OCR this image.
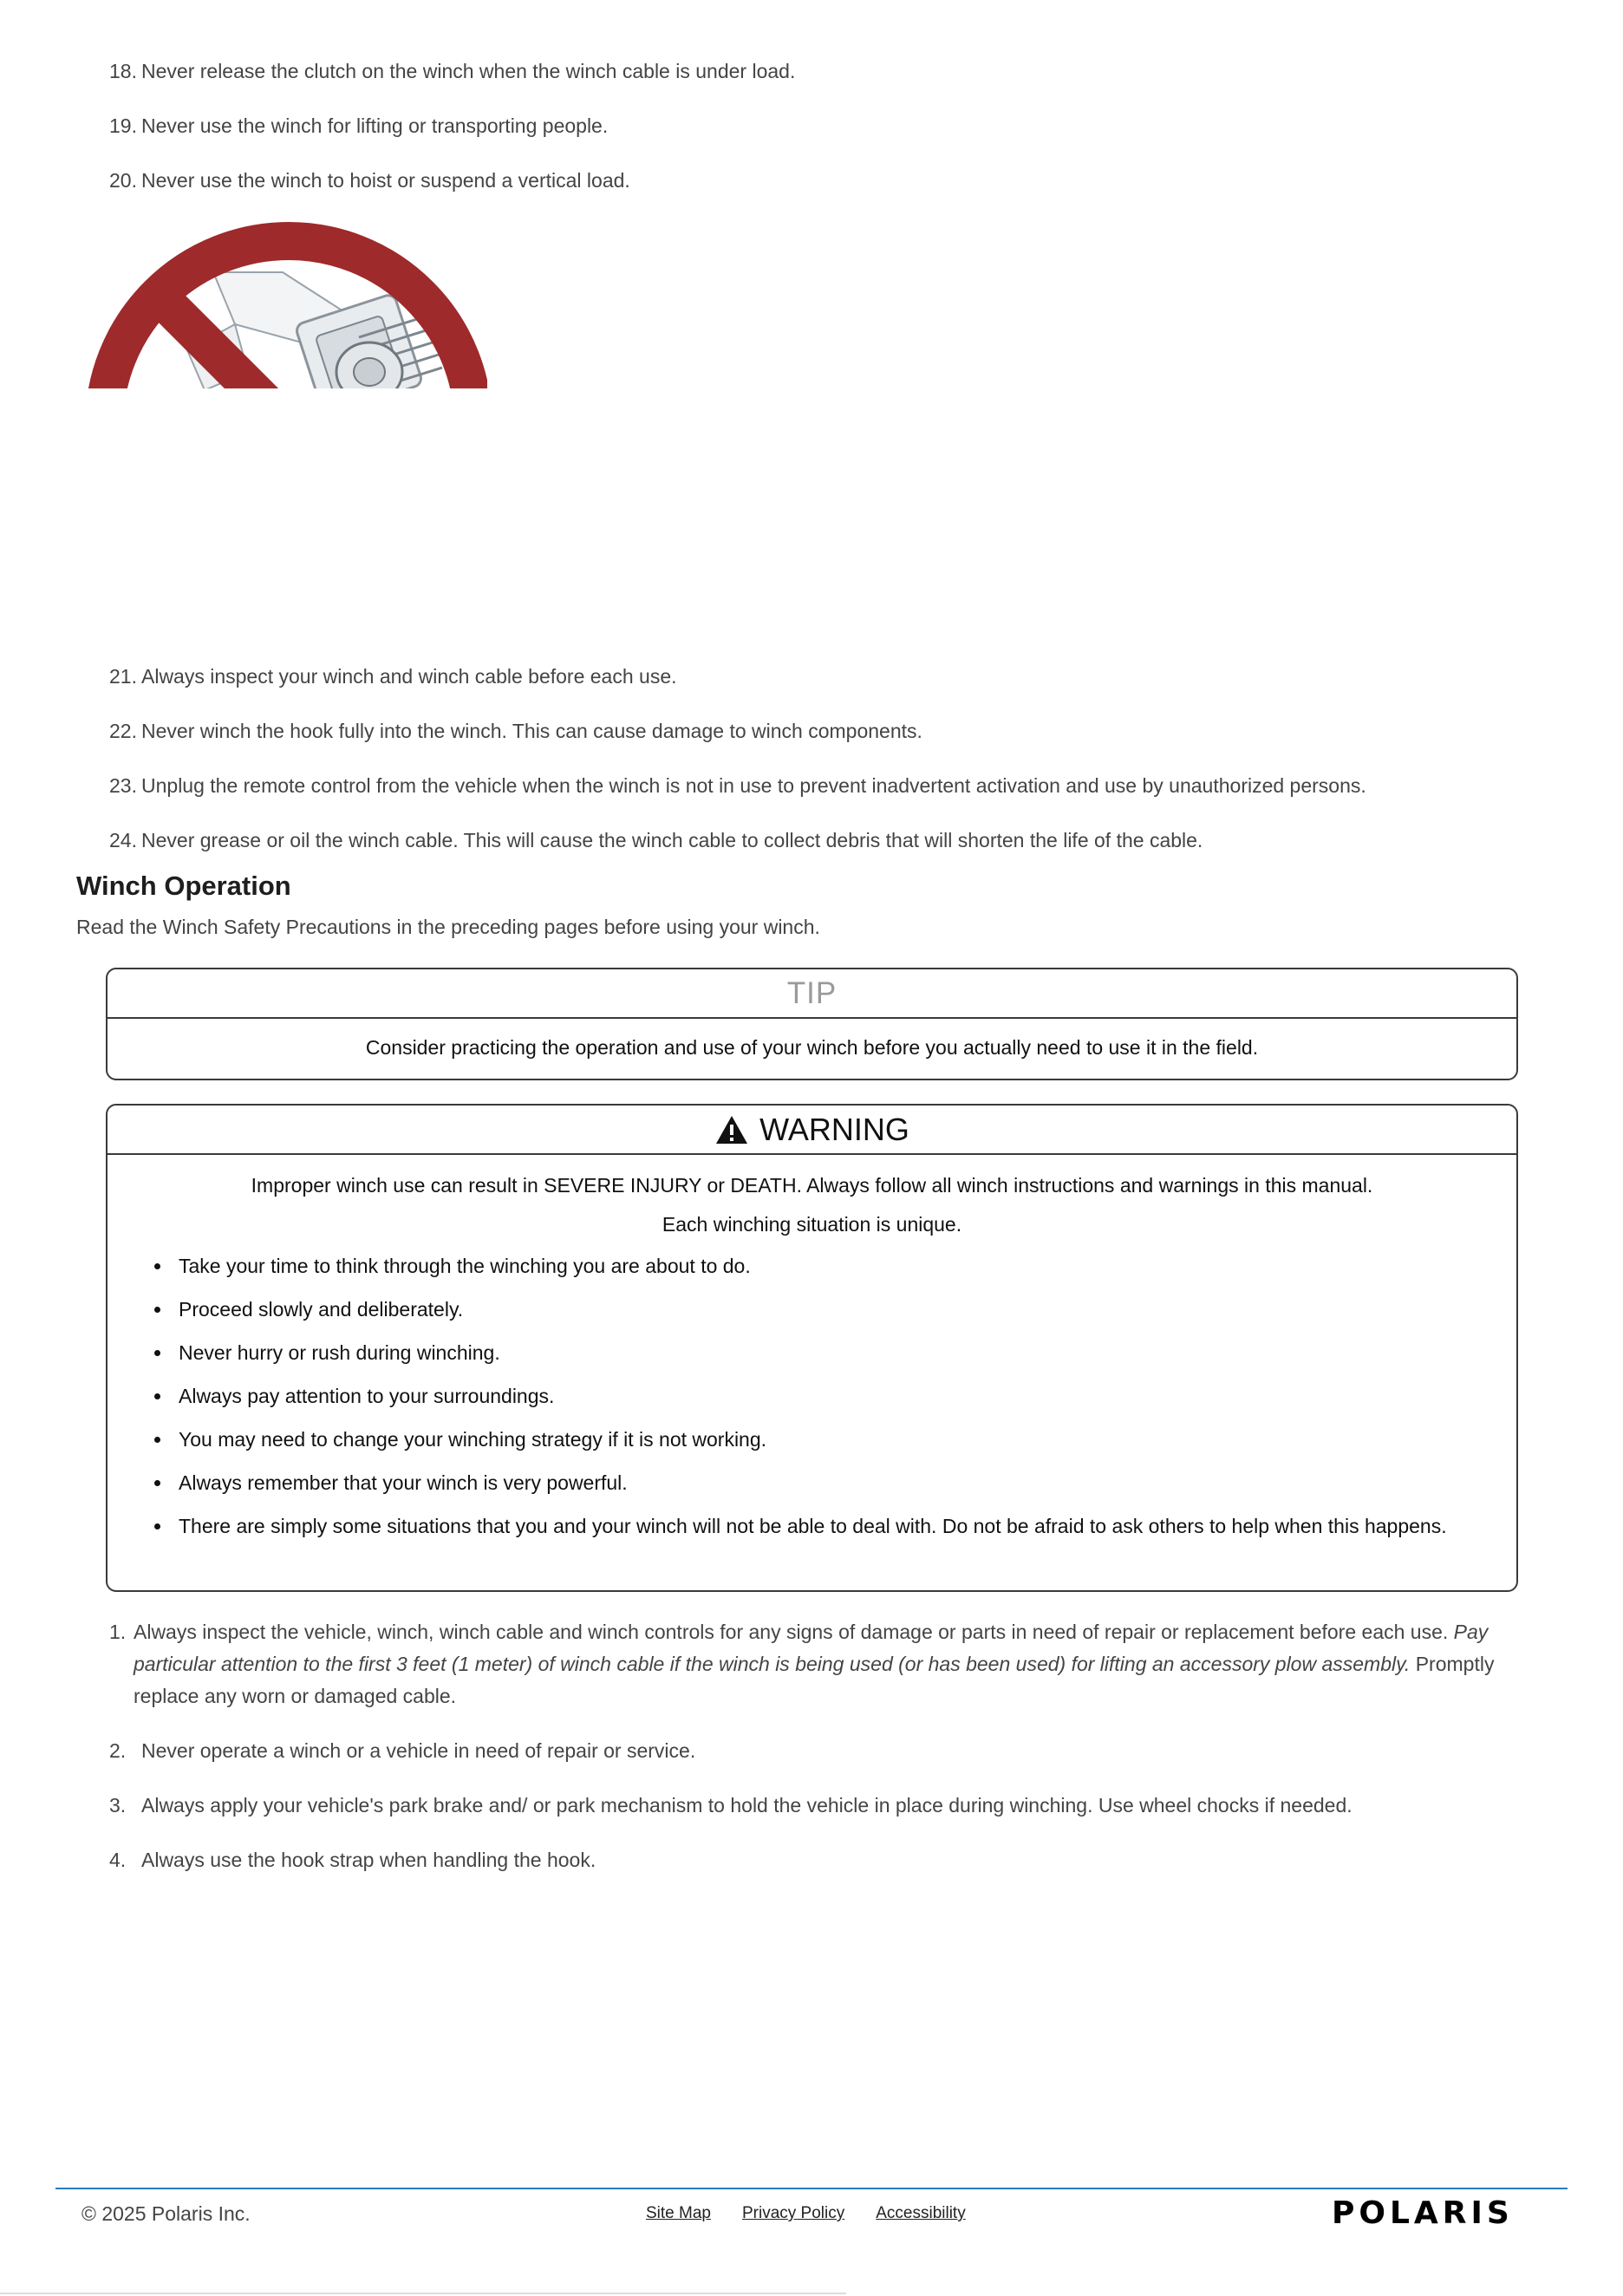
18. Never release the clutch on the winch when the winch cable is under load.
19. Never use the winch for lifting or transporting people.
20. Never use the winch to hoist or suspend a vertical load.
21. Always inspect your winch and winch cable before each use.
22. Never winch the hook fully into the winch. This can cause damage to winch components.
23. Unplug the remote control from the vehicle when the winch is not in use to prevent inadvertent activation and use by unauthorized persons.
24. Never grease or oil the winch cable. This will cause the winch cable to collect debris that will shorten the life of the cable.
Winch Operation

Read the Winch Safety Precautions in the preceding pages before using your winch.

TIP

Consider practicing the operation and use of your winch before you actually need to use it in the field.

WARNING

Improper winch use can result in SEVERE INJURY or DEATH. Always follow all winch instructions and warnings in this manual.

Each winching situation is unique.

Take your time to think through the winching you are about to do.
Proceed slowly and deliberately.
Never hurry or rush during winching.
Always pay attention to your surroundings.
You may need to change your winching strategy if it is not working.
Always remember that your winch is very powerful.
There are simply some situations that you and your winch will not be able to deal with. Do not be afraid to ask others to help when this happens.
1. Always inspect the vehicle, winch, winch cable and winch controls for any signs of damage or parts in need of repair or replacement before each use. Pay particular attention to the first 3 feet (1 meter) of winch cable if the winch is being used (or has been used) for lifting an accessory plow assembly. Promptly replace any worn or damaged cable.
2. Never operate a winch or a vehicle in need of repair or service.
3. Always apply your vehicle's park brake and/ or park mechanism to hold the vehicle in place during winching. Use wheel chocks if needed.
4. Always use the hook strap when handling the hook.
© 2025 Polaris Inc.	Site Map Privacy Policy Accessibility	POLARIS
